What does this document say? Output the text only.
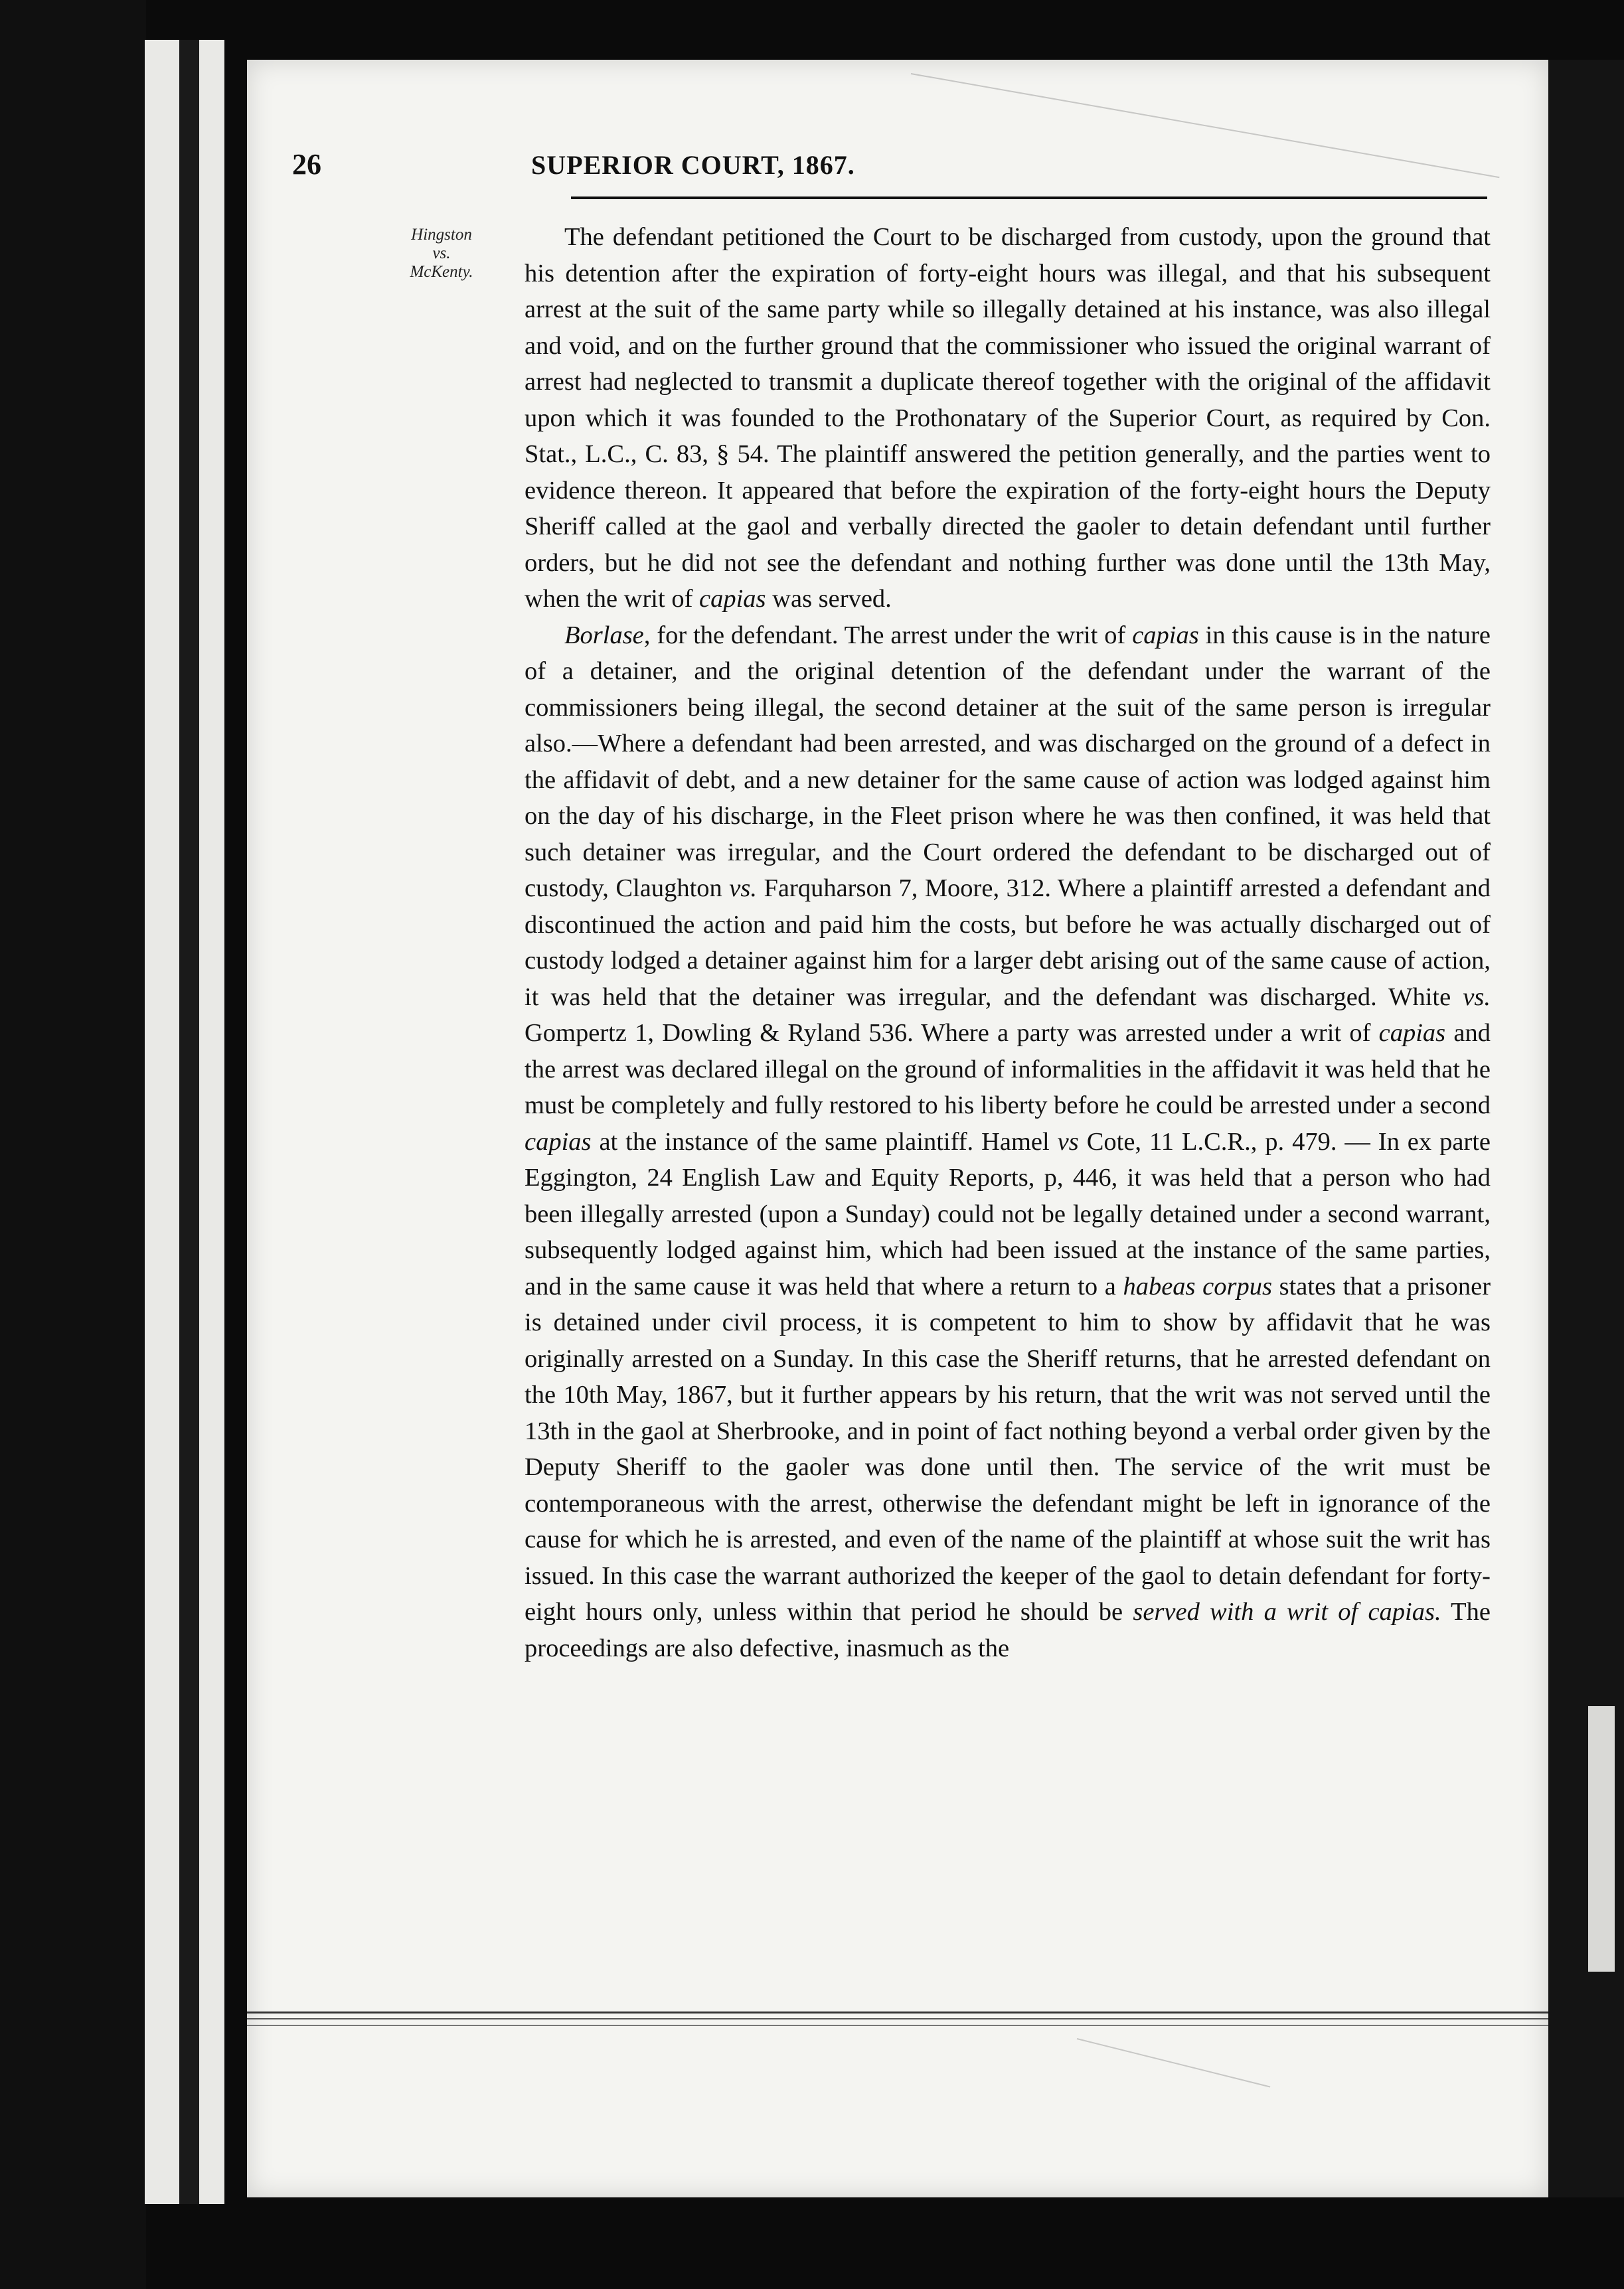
26	SUPERIOR COURT, 1867.
Hingston
vs.
McKenty.

The defendant petitioned the Court to be discharged from custody, upon the ground that his detention after the expiration of forty-eight hours was illegal, and that his subsequent arrest at the suit of the same party while so illegally detained at his instance, was also illegal and void, and on the further ground that the commissioner who issued the original warrant of arrest had neglected to transmit a duplicate thereof together with the original of the affidavit upon which it was founded to the Prothonatary of the Superior Court, as required by Con. Stat., L.C., C. 83, § 54. The plaintiff answered the petition generally, and the parties went to evidence thereon. It appeared that before the expiration of the forty-eight hours the Deputy Sheriff called at the gaol and verbally directed the gaoler to detain defendant until further orders, but he did not see the defendant and nothing further was done until the 13th May, when the writ of capias was served.

Borlase, for the defendant. The arrest under the writ of capias in this cause is in the nature of a detainer, and the original detention of the defendant under the warrant of the commissioners being illegal, the second detainer at the suit of the same person is irregular also.—Where a defendant had been arrested, and was discharged on the ground of a defect in the affidavit of debt, and a new detainer for the same cause of action was lodged against him on the day of his discharge, in the Fleet prison where he was then confined, it was held that such detainer was irregular, and the Court ordered the defendant to be discharged out of custody, Claughton vs. Farquharson 7, Moore, 312. Where a plaintiff arrested a defendant and discontinued the action and paid him the costs, but before he was actually discharged out of custody lodged a detainer against him for a larger debt arising out of the same cause of action, it was held that the detainer was irregular, and the defendant was discharged. White vs. Gompertz 1, Dowling & Ryland 536. Where a party was arrested under a writ of capias and the arrest was declared illegal on the ground of informalities in the affidavit it was held that he must be completely and fully restored to his liberty before he could be arrested under a second capias at the instance of the same plaintiff. Hamel vs Cote, 11 L.C.R., p. 479. — In ex parte Eggington, 24 English Law and Equity Reports, p, 446, it was held that a person who had been illegally arrested (upon a Sunday) could not be legally detained under a second warrant, subsequently lodged against him, which had been issued at the instance of the same parties, and in the same cause it was held that where a return to a habeas corpus states that a prisoner is detained under civil process, it is competent to him to show by affidavit that he was originally arrested on a Sunday. In this case the Sheriff returns, that he arrested defendant on the 10th May, 1867, but it further appears by his return, that the writ was not served until the 13th in the gaol at Sherbrooke, and in point of fact nothing beyond a verbal order given by the Deputy Sheriff to the gaoler was done until then. The service of the writ must be contemporaneous with the arrest, otherwise the defendant might be left in ignorance of the cause for which he is arrested, and even of the name of the plaintiff at whose suit the writ has issued. In this case the warrant authorized the keeper of the gaol to detain defendant for forty-eight hours only, unless within that period he should be served with a writ of capias. The proceedings are also defective, inasmuch as the
